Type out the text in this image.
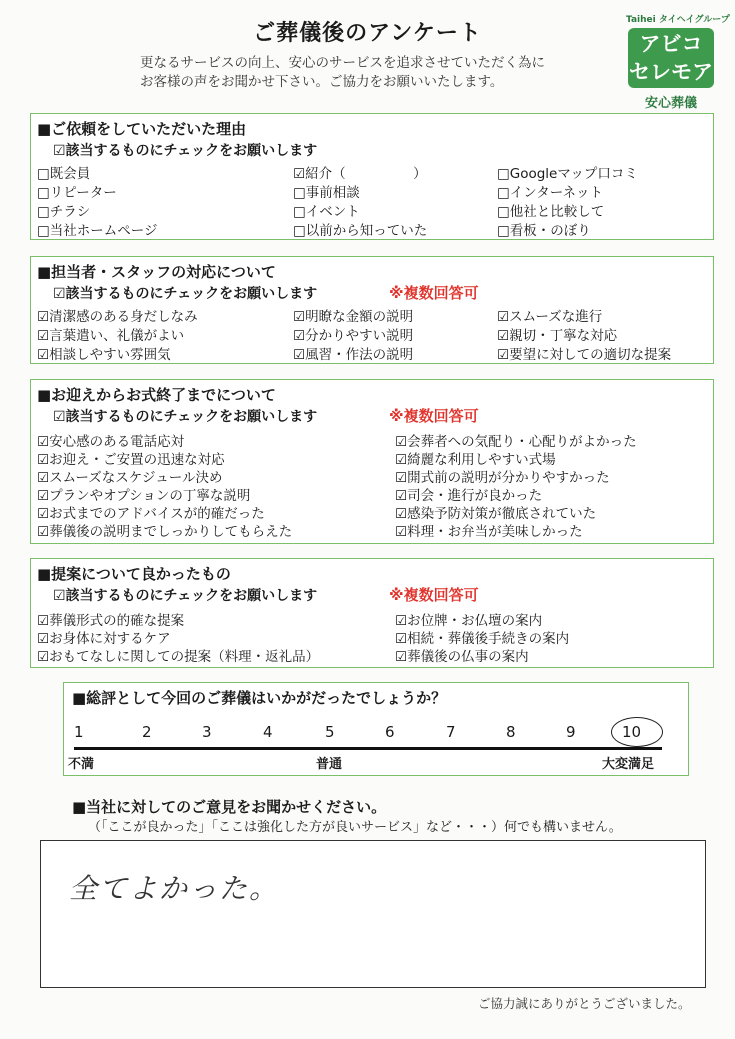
ご葬儀後のアンケート
更なるサービスの向上、安心のサービスを追求させていただく為に
お客様の声をお聞かせ下さい。ご協力をお願いいたします。
Taihei タイヘイグループ
アビコ
セレモア
安心葬儀
■ご依頼をしていただいた理由
☑該当するものにチェックをお願いします
□既会員	☑紹介（　　　　　）	□Googleマップ口コミ
□リピーター	□事前相談	□インターネット
□チラシ	□イベント	□他社と比較して
□当社ホームページ	□以前から知っていた	□看板・のぼり
■担当者・スタッフの対応について
☑該当するものにチェックをお願いします	※複数回答可
☑清潔感のある身だしなみ	☑明瞭な金額の説明	☑スムーズな進行
☑言葉遣い、礼儀がよい	☑分かりやすい説明	☑親切・丁寧な対応
☑相談しやすい雰囲気	☑風習・作法の説明	☑要望に対しての適切な提案
■お迎えからお式終了までについて
☑該当するものにチェックをお願いします	※複数回答可
☑安心感のある電話応対	☑会葬者への気配り・心配りがよかった
☑お迎え・ご安置の迅速な対応	☑綺麗な利用しやすい式場
☑スムーズなスケジュール決め	☑開式前の説明が分かりやすかった
☑プランやオプションの丁寧な説明	☑司会・進行が良かった
☑お式までのアドバイスが的確だった	☑感染予防対策が徹底されていた
☑葬儀後の説明までしっかりしてもらえた	☑料理・お弁当が美味しかった
■提案について良かったもの
☑該当するものにチェックをお願いします	※複数回答可
☑葬儀形式の的確な提案	☑お位牌・お仏壇の案内
☑お身体に対するケア	☑相続・葬儀後手続きの案内
☑おもてなしに関しての提案（料理・返礼品）	☑葬儀後の仏事の案内
■総評として今回のご葬儀はいかがだったでしょうか？
1	2	3	4	5	6	7	8	9	10
不満	普通	大変満足
■当社に対してのご意見をお聞かせください。
（「ここが良かった」「ここは強化した方が良いサービス」など・・・）何でも構いません。
全てよかった。
ご協力誠にありがとうございました。
